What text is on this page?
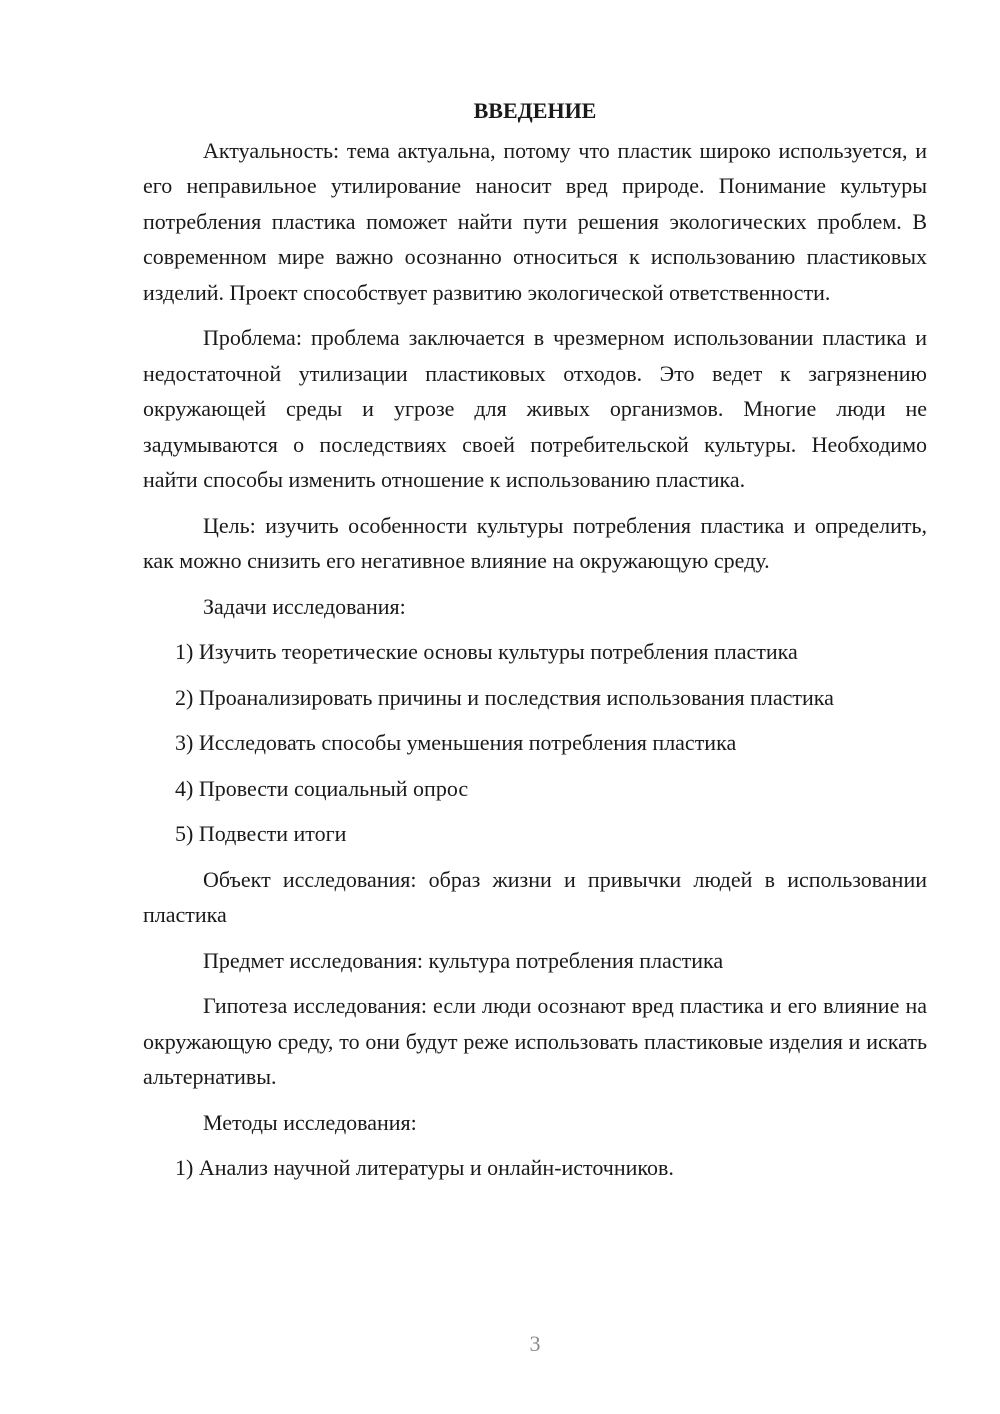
ВВЕДЕНИЕ

Актуальность: тема актуальна, потому что пластик широко используется, и его неправильное утилирование наносит вред природе. Понимание культуры потребления пластика поможет найти пути решения экологических проблем. В современном мире важно осознанно относиться к использованию пластиковых изделий. Проект способствует развитию экологической ответственности.

Проблема: проблема заключается в чрезмерном использовании пластика и недостаточной утилизации пластиковых отходов. Это ведет к загрязнению окружающей среды и угрозе для живых организмов. Многие люди не задумываются о последствиях своей потребительской культуры. Необходимо найти способы изменить отношение к использованию пластика.

Цель: изучить особенности культуры потребления пластика и определить, как можно снизить его негативное влияние на окружающую среду.

Задачи исследования:

1) Изучить теоретические основы культуры потребления пластика

2) Проанализировать причины и последствия использования пластика

3) Исследовать способы уменьшения потребления пластика

4) Провести социальный опрос

5) Подвести итоги

Объект исследования: образ жизни и привычки людей в использовании пластика

Предмет исследования: культура потребления пластика

Гипотеза исследования: если люди осознают вред пластика и его влияние на окружающую среду, то они будут реже использовать пластиковые изделия и искать альтернативы.

Методы исследования:

1) Анализ научной литературы и онлайн-источников.

3
